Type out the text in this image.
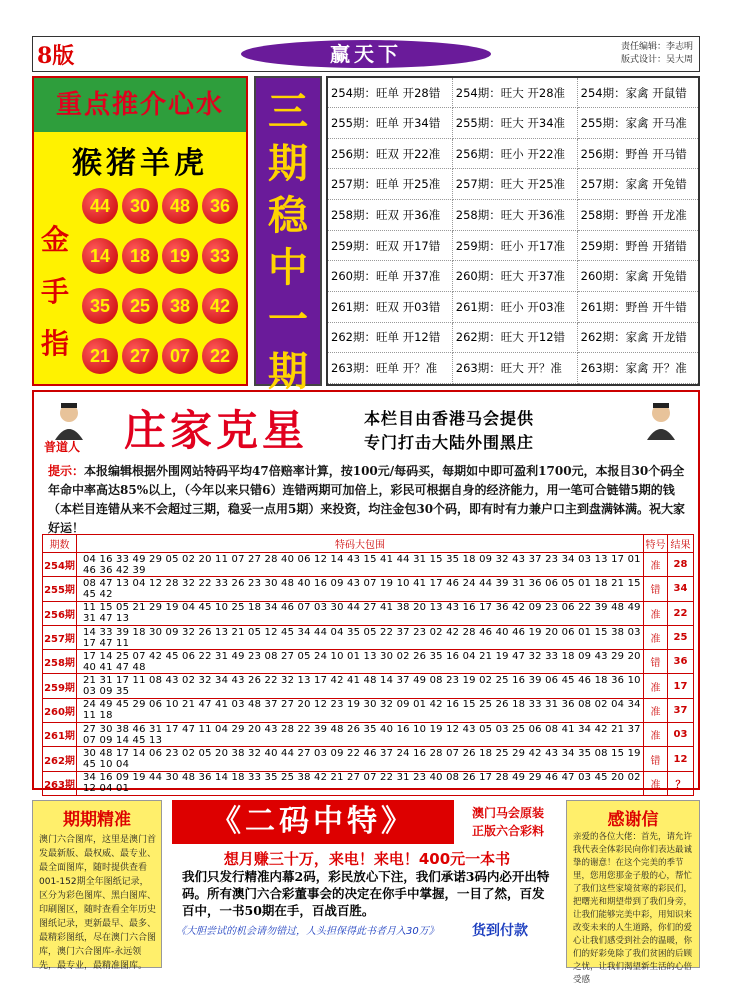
8版	赢天下	责任编辑：李志明
版式设计：吴大周
重点推介心水
猴猪羊虎
金
手
指
44	30	48	36
14	18	19	33
35	25	38	42
21	27	07	22
三
期
稳
中
一
期
254期：旺单 开28错	254期：旺大 开28准	254期：家禽 开鼠错
255期：旺单 开34错	255期：旺大 开34准	255期：家禽 开马准
256期：旺双 开22准	256期：旺小 开22准	256期：野兽 开马错
257期：旺单 开25准	257期：旺大 开25准	257期：家禽 开兔错
258期：旺双 开36准	258期：旺大 开36准	258期：野兽 开龙准
259期：旺双 开17错	259期：旺小 开17准	259期：野兽 开猪错
260期：旺单 开37准	260期：旺大 开37准	260期：家禽 开兔错
261期：旺双 开03错	261期：旺小 开03准	261期：野兽 开牛错
262期：旺单 开12错	262期：旺大 开12错	262期：家禽 开龙错
263期：旺单 开？准	263期：旺大 开？准	263期：家禽 开？准
普道人 庄家克星	本栏目由香港马会提供
专门打击大陆外围黑庄
提示：本报编辑根据外围网站特码平均47倍赔率计算，按100元/每码买，每期如中即可盈利1700元，本报目30个码全年命中率高达85%以上，（今年以来只错6）连错两期可加倍上，彩民可根据自身的经济能力，用一笔可合链错5期的钱（本栏目连错从来不会超过三期，稳妥一点用5期）来投资，均注金包30个码，即有时有力兼户口主到盘满钵满。祝大家好运！
期数	特码大包围	特号	结果
254期	04 16 33 49 29 05 02 20 11 07 27 28 40 06 12 14 43 15 41 44 31 15 35 18 09 32 43 37 23 34 03 13 17 01 46 36 42 39	准	28
255期	08 47 13 04 12 28 32 22 33 26 23 30 48 40 16 09 43 07 19 10 41 17 46 24 44 39 31 36 06 05 01 18 21 15 45 42	错	34
256期	11 15 05 21 29 19 04 45 10 25 18 34 46 07 03 30 44 27 41 38 20 13 43 16 17 36 42 09 23 06 22 39 48 49 31 47 13	准	22
257期	14 33 39 18 30 09 32 26 13 21 05 12 45 34 44 04 35 05 22 37 23 02 42 28 46 40 46 19 20 06 01 15 38 03 17 47 11	准	25
258期	17 14 25 07 42 45 06 22 31 49 23 08 27 05 24 10 01 13 30 02 26 35 16 04 21 19 47 32 33 18 09 43 29 20 40 41 47 48	错	36
259期	21 31 17 11 08 43 02 32 34 43 26 22 32 13 17 42 41 48 14 37 49 08 23 19 02 25 16 39 06 45 46 18 36 10 03 09 35	准	17
260期	24 49 45 29 06 10 21 47 41 03 48 37 27 20 12 23 19 30 32 09 01 42 16 15 25 26 18 33 31 36 08 02 04 34 11 18	准	37
261期	27 30 38 46 31 17 47 11 04 29 20 43 28 22 39 48 26 35 40 16 10 19 12 43 05 03 25 06 08 41 34 42 21 37 07 09 14 45 13	准	03
262期	30 48 17 14 06 23 02 05 20 38 32 40 44 27 03 09 22 46 37 24 16 28 07 26 18 25 29 42 43 34 35 08 15 19 45 10 04	错	12
263期	34 16 09 19 44 30 48 36 14 18 33 35 25 38 42 21 27 07 22 31 23 40 08 26 17 28 49 29 46 47 03 45 20 02 12 04 01	准	？
期期精准
澳门六合图库，这里是澳门首发最新版、最权威、最专业、最全面图库，随时提供查看001-152期全年图纸记录，区分为彩色图库、黑白图库、印刷图区，随时查看全年历史图纸记录，更新最早、最多、最精彩图纸，尽在澳门六合图库，澳门六合图库-永远领先，最专业，最精准图库。
《二码中特》	澳门马会原装
正版六合彩料
想月赚三十万，来电！来电！400元一本书
我们只发行精准内幕2码，彩民放心下注，我们承诺3码内必开出特码。所有澳门六合彩董事会的决定在你手中掌握，一目了然，百发百中，一书50期在手，百战百胜。
《大胆尝试的机会请勿错过，人头担保得此书者月入30万》 货到付款
感谢信
亲爱的各位大佬：首先，请允许我代表全体彩民向你们表达最诚挚的谢意！在这个完美的季节里，您用您那金子般的心，帮忙了我们这些家境贫寒的彩民们，把曙光和期望带到了我们身旁，让我们能够完美中彩，用知识来改变未来的人生道路，你们的爱心让我们感受到社会的温暖，你们的好彩免除了我们贫困的后顾之忧，让我们渴望新生活的心倍受感
